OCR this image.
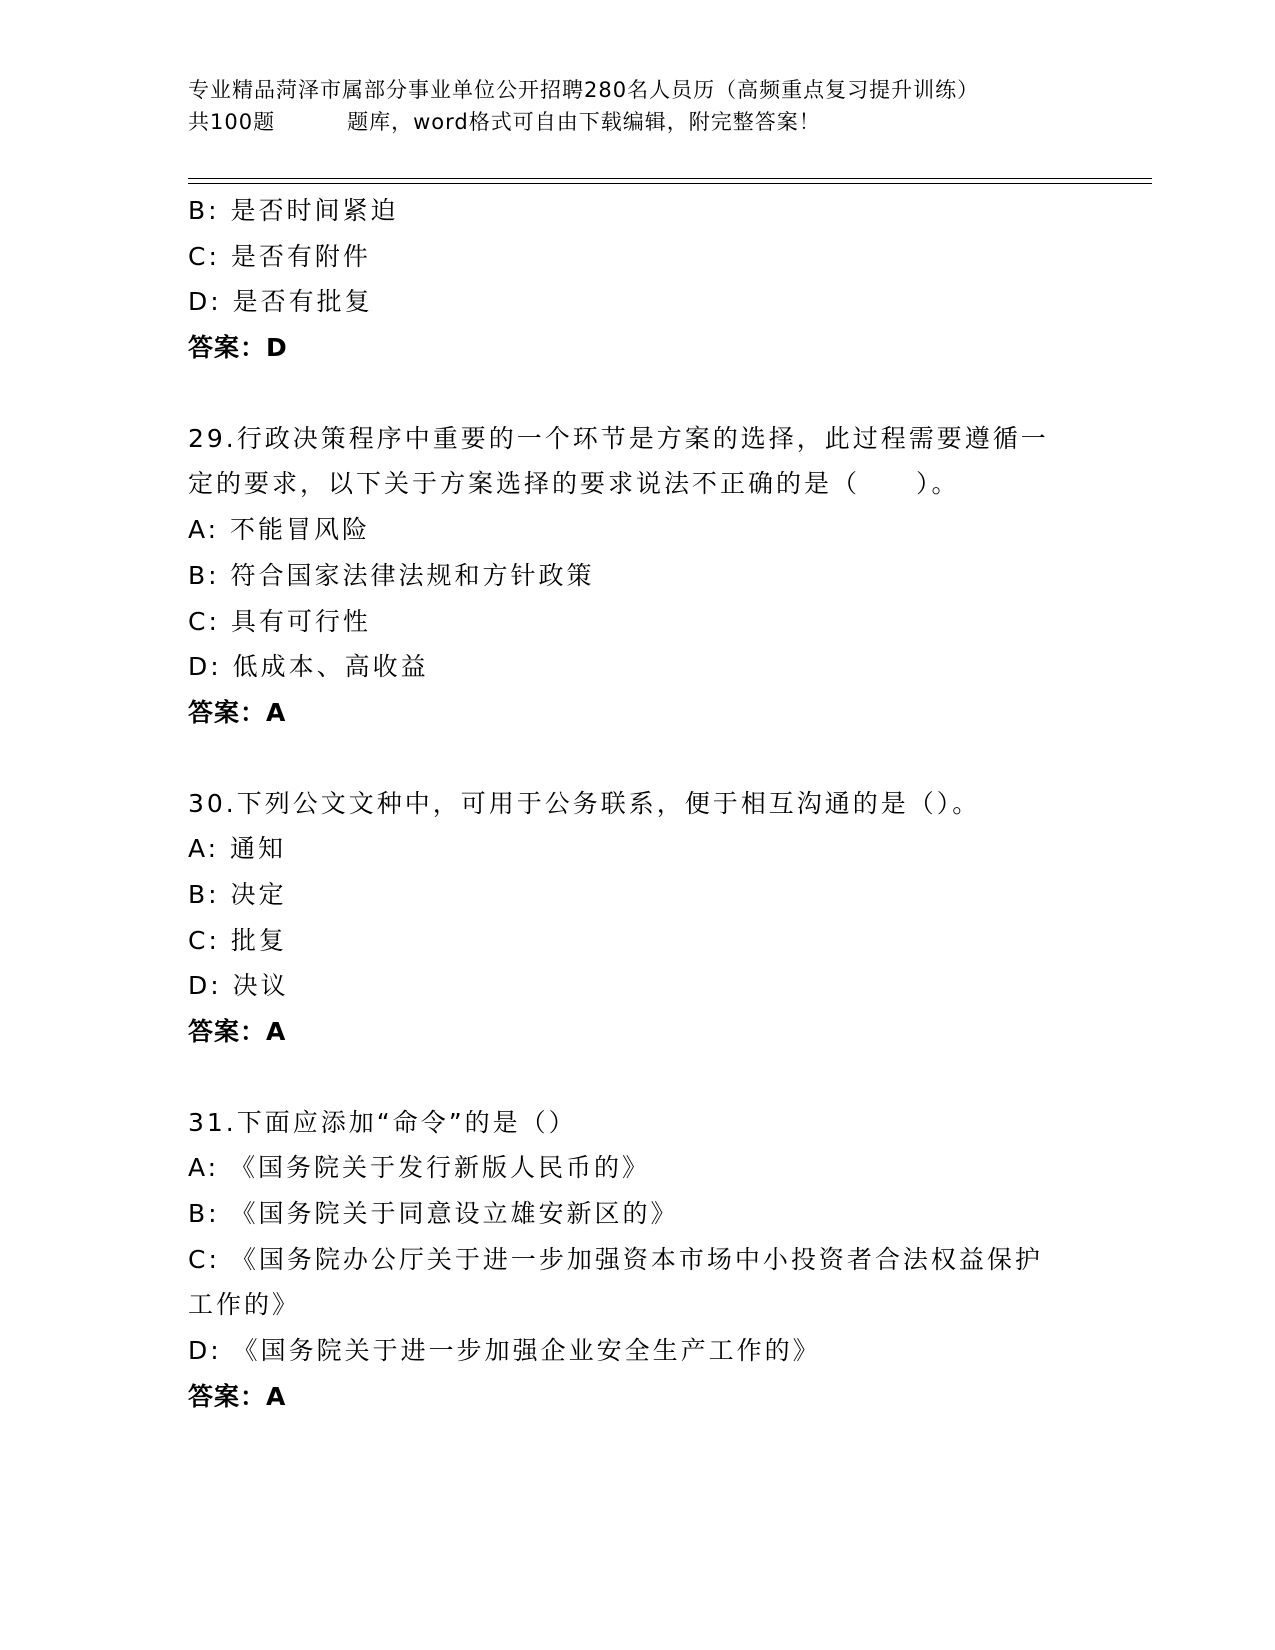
专业精品菏泽市属部分事业单位公开招聘280名人员历（高频重点复习提升训练）
共100题	题库，word格式可自由下载编辑，附完整答案！
B: 是否时间紧迫
C: 是否有附件
D: 是否有批复
答案：D
29.行政决策程序中重要的一个环节是方案的选择，此过程需要遵循一
定的要求，以下关于方案选择的要求说法不正确的是（　　）。
A: 不能冒风险
B: 符合国家法律法规和方针政策
C: 具有可行性
D: 低成本、高收益
答案：A
30.下列公文文种中，可用于公务联系，便于相互沟通的是（）。
A: 通知
B: 决定
C: 批复
D: 决议
答案：A
31.下面应添加“命令”的是（）
A: 《国务院关于发行新版人民币的》
B: 《国务院关于同意设立雄安新区的》
C: 《国务院办公厅关于进一步加强资本市场中小投资者合法权益保护
工作的》
D: 《国务院关于进一步加强企业安全生产工作的》
答案：A
